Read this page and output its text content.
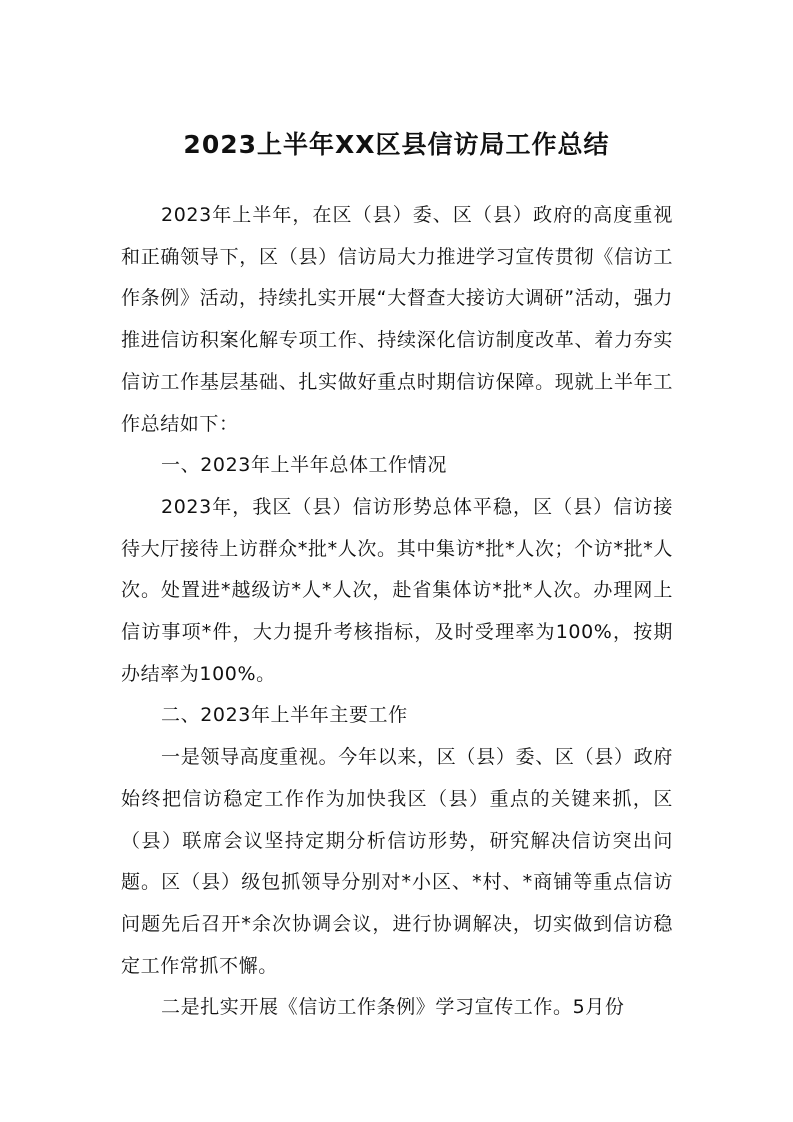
2023上半年XX区县信访局工作总结

2023年上半年，在区（县）委、区（县）政府的高度重视和正确领导下，区（县）信访局大力推进学习宣传贯彻《信访工作条例》活动，持续扎实开展“大督查大接访大调研”活动，强力推进信访积案化解专项工作、持续深化信访制度改革、着力夯实信访工作基层基础、扎实做好重点时期信访保障。现就上半年工作总结如下：

一、2023年上半年总体工作情况

2023年，我区（县）信访形势总体平稳，区（县）信访接待大厅接待上访群众*批*人次。其中集访*批*人次；个访*批*人次。处置进*越级访*人*人次，赴省集体访*批*人次。办理网上信访事项*件，大力提升考核指标，及时受理率为100%，按期办结率为100%。

二、2023年上半年主要工作

一是领导高度重视。今年以来，区（县）委、区（县）政府始终把信访稳定工作作为加快我区（县）重点的关键来抓，区（县）联席会议坚持定期分析信访形势，研究解决信访突出问题。区（县）级包抓领导分别对*小区、*村、*商铺等重点信访问题先后召开*余次协调会议，进行协调解决，切实做到信访稳定工作常抓不懈。

二是扎实开展《信访工作条例》学习宣传工作。5月份
